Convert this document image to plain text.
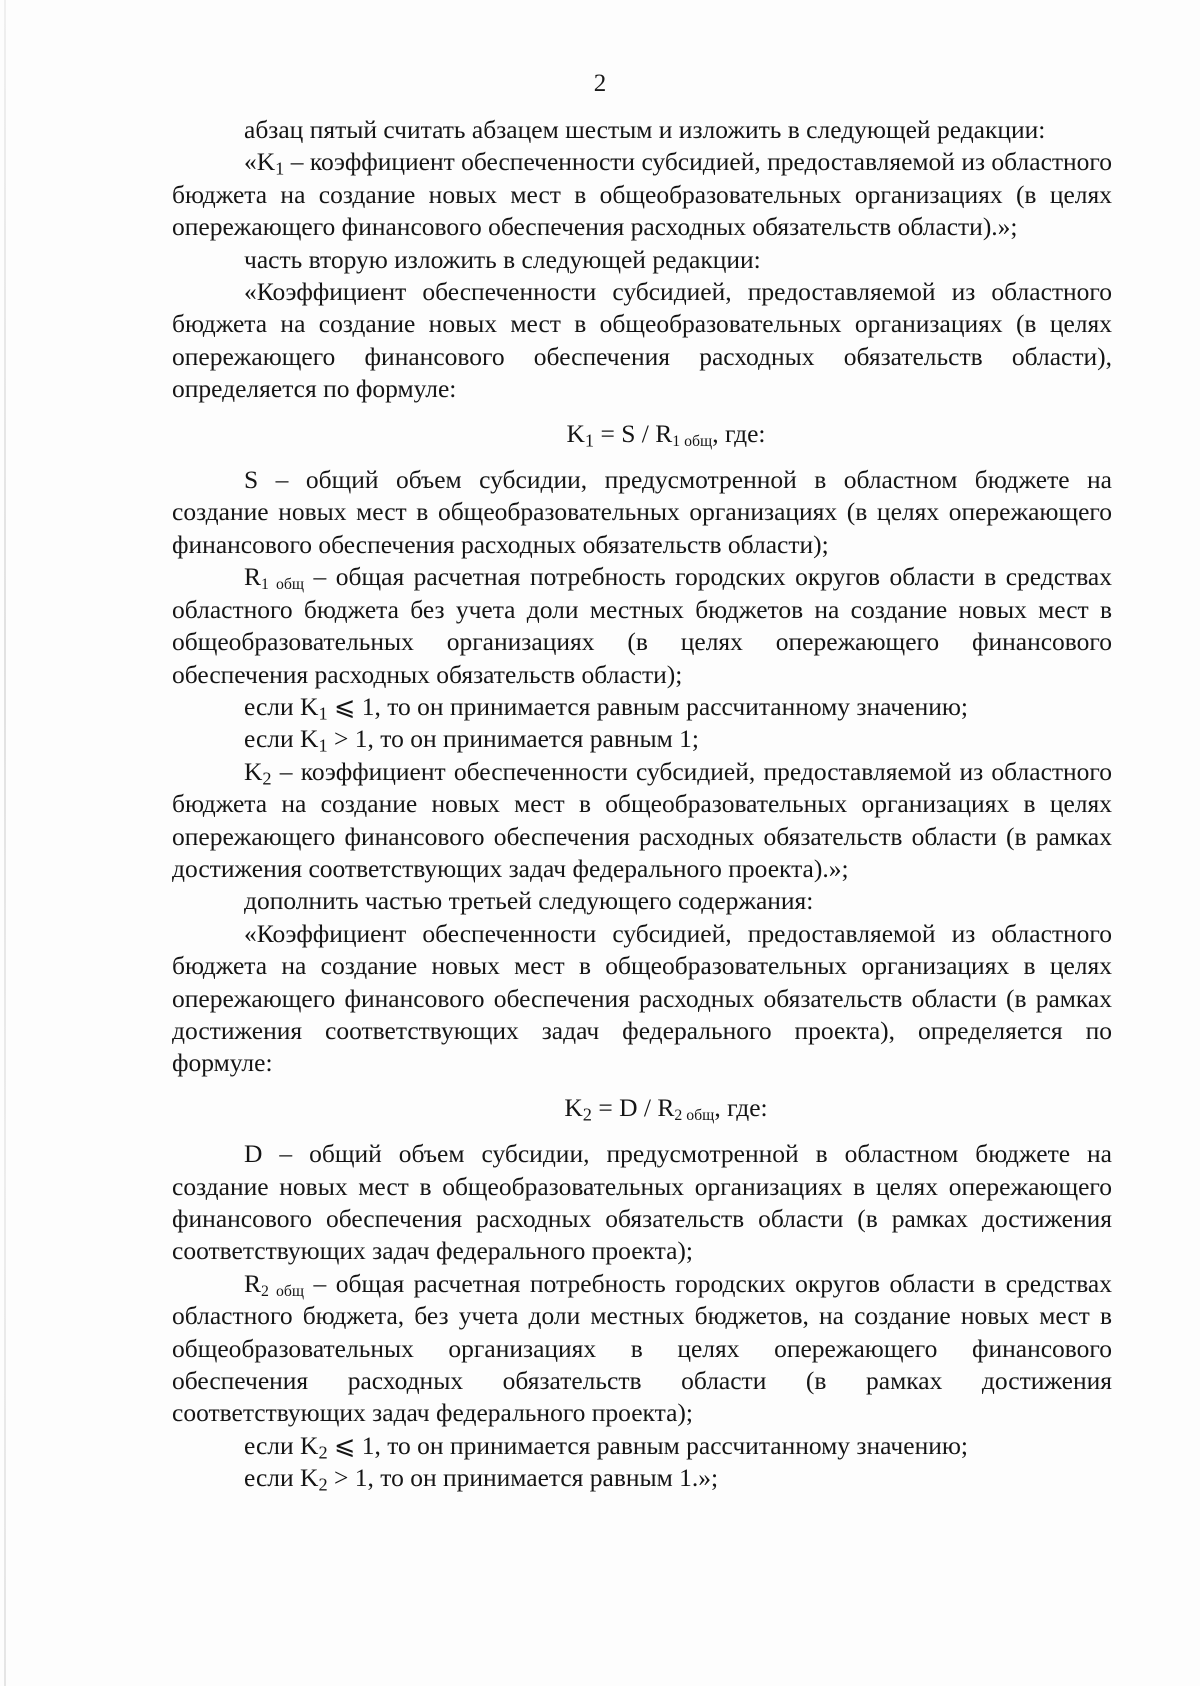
2

абзац пятый считать абзацем шестым и изложить в следующей редакции:

«$K_1$ – коэффициент обеспеченности субсидией, предоставляемой из областного бюджета на создание новых мест в общеобразовательных организациях (в целях опережающего финансового обеспечения расходных обязательств области).»;

часть вторую изложить в следующей редакции:

«Коэффициент обеспеченности субсидией, предоставляемой из областного бюджета на создание новых мест в общеобразовательных организациях (в целях опережающего финансового обеспечения расходных обязательств области), определяется по формуле:

$K_1 = S / R_{1 общ}$, где:

S – общий объем субсидии, предусмотренной в областном бюджете на создание новых мест в общеобразовательных организациях (в целях опережающего финансового обеспечения расходных обязательств области);

$R_{1 общ}$ – общая расчетная потребность городских округов области в средствах областного бюджета без учета доли местных бюджетов на создание новых мест в общеобразовательных организациях (в целях опережающего финансового обеспечения расходных обязательств области);

если $K_1$ ⩽ 1, то он принимается равным рассчитанному значению;

если $K_1 > 1$, то он принимается равным 1;

$K_2$ – коэффициент обеспеченности субсидией, предоставляемой из областного бюджета на создание новых мест в общеобразовательных организациях в целях опережающего финансового обеспечения расходных обязательств области (в рамках достижения соответствующих задач федерального проекта).»;

дополнить частью третьей следующего содержания:

«Коэффициент обеспеченности субсидией, предоставляемой из областного бюджета на создание новых мест в общеобразовательных организациях в целях опережающего финансового обеспечения расходных обязательств области (в рамках достижения соответствующих задач федерального проекта), определяется по формуле:

$K_2 = D / R_{2 общ}$, где:

D – общий объем субсидии, предусмотренной в областном бюджете на создание новых мест в общеобразовательных организациях в целях опережающего финансового обеспечения расходных обязательств области (в рамках достижения соответствующих задач федерального проекта);

$R_{2 общ}$ – общая расчетная потребность городских округов области в средствах областного бюджета, без учета доли местных бюджетов, на создание новых мест в общеобразовательных организациях в целях опережающего финансового обеспечения расходных обязательств области (в рамках достижения соответствующих задач федерального проекта);

если $K_2$ ⩽ 1, то он принимается равным рассчитанному значению;

если $K_2 > 1$, то он принимается равным 1.»;
